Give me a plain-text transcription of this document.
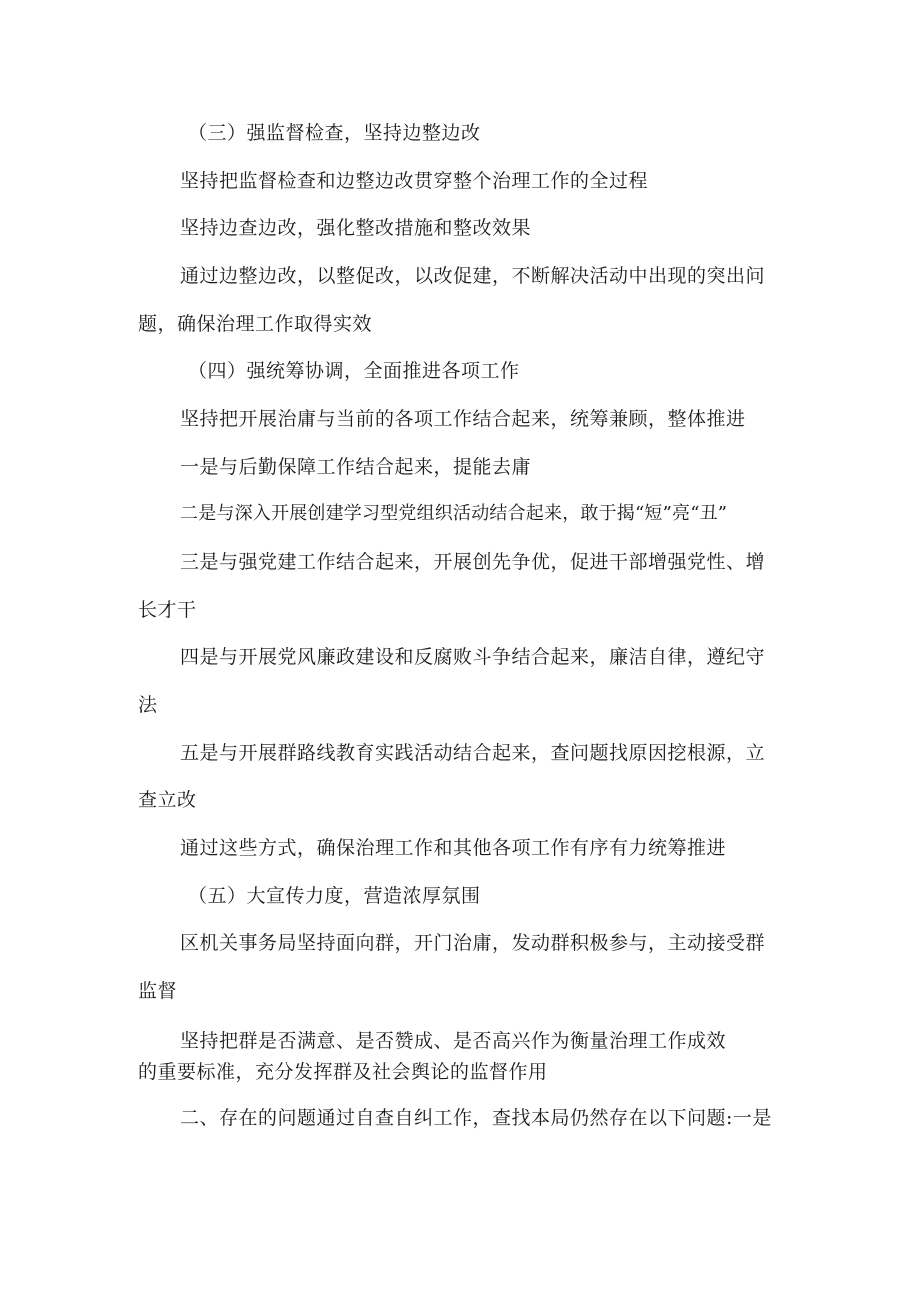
（三）强监督检查，坚持边整边改

坚持把监督检查和边整边改贯穿整个治理工作的全过程

坚持边查边改，强化整改措施和整改效果

通过边整边改，以整促改，以改促建，不断解决活动中出现的突出问

题，确保治理工作取得实效

（四）强统筹协调，全面推进各项工作

坚持把开展治庸与当前的各项工作结合起来，统筹兼顾，整体推进

一是与后勤保障工作结合起来，提能去庸

二是与深入开展创建学习型党组织活动结合起来，敢于揭“短”亮“丑”

三是与强党建工作结合起来，开展创先争优，促进干部增强党性、增

长才干

四是与开展党风廉政建设和反腐败斗争结合起来，廉洁自律，遵纪守

法

五是与开展群路线教育实践活动结合起来，查问题找原因挖根源，立

查立改

通过这些方式，确保治理工作和其他各项工作有序有力统筹推进

（五）大宣传力度，营造浓厚氛围

区机关事务局坚持面向群，开门治庸，发动群积极参与，主动接受群

监督

坚持把群是否满意、是否赞成、是否高兴作为衡量治理工作成效

的重要标准，充分发挥群及社会舆论的监督作用

二、存在的问题通过自查自纠工作，查找本局仍然存在以下问题:一是
